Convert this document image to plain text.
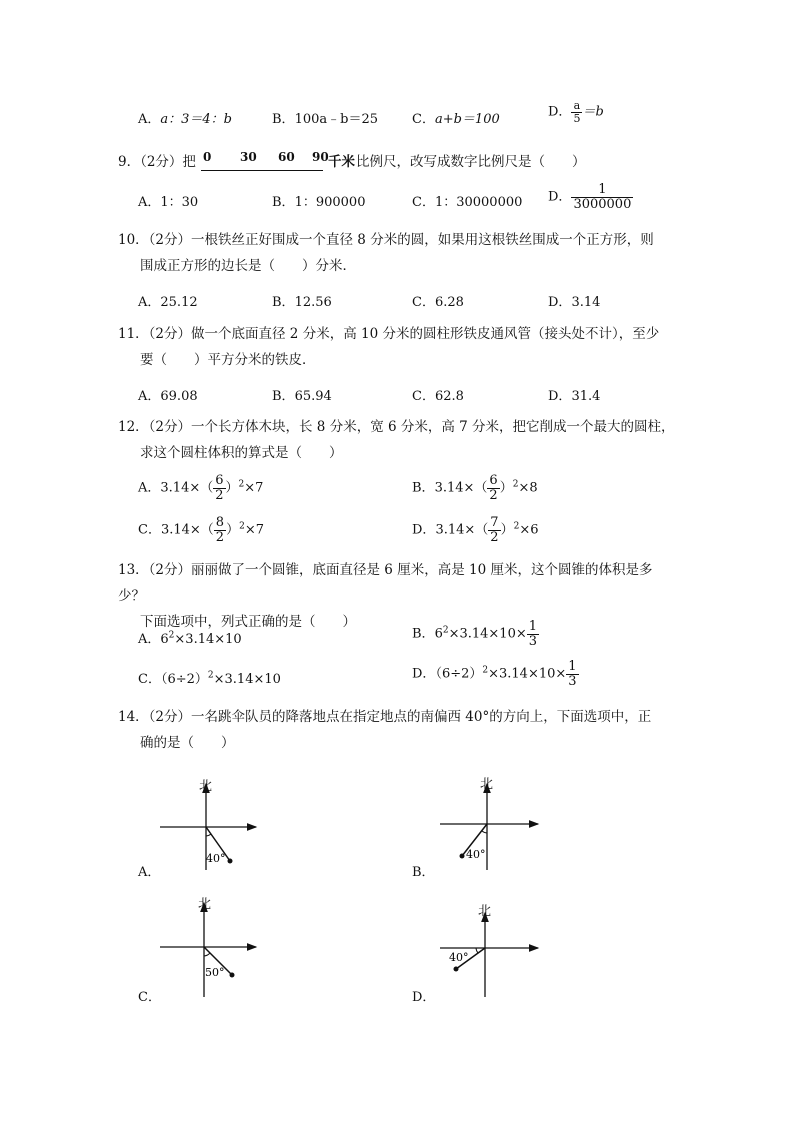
A．a：3＝4：b	B．100a﹣b＝25	C．a+b＝100	D． $\frac{a}{5} =b$
9．（2分）把 0 30 60 90 千米 比例尺，改写成数字比例尺是（　　）
A．1：30	B．1：900000	C．1：30000000 D． $\frac{1}{3000000}$
10．（2分）一根铁丝正好围成一个直径 8 分米的圆，如果用这根铁丝围成一个正方形，则
围成正方形的边长是（　　）分米．
A．25.12	B．12.56	C．6.28	D．3.14
11．（2分）做一个底面直径 2 分米，高 10 分米的圆柱形铁皮通风管（接头处不计），至少
要（　　）平方分米的铁皮．
A．69.08	B．65.94	C．62.8	D．31.4
12．（2分）一个长方体木块，长 8 分米，宽 6 分米，高 7 分米，把它削成一个最大的圆柱，
求这个圆柱体积的算式是（　　）
A．$3.14\times( \frac{6}{2} )^2\times 7$	B．$3.14\times( \frac{6}{2} )^2\times 8$
C．$3.14\times( \frac{8}{2} )^2\times 7$	D．$3.14\times( \frac{7}{2} )^2\times 6$
13．（2分）丽丽做了一个圆锥，底面直径是 6 厘米，高是 10 厘米，这个圆锥的体积是多少？
下面选项中，列式正确的是（　　）
A．$6^2\times 3.14\times 10$	B．$6^2\times 3.14\times 10\times \frac{1}{3}$
C．$(6\div 2)^2\times 3.14\times 10$	D．$(6\div 2)^2\times 3.14\times 10\times \frac{1}{3}$
14．（2分）一名跳伞队员的降落地点在指定地点的南偏西 40°的方向上，下面选项中，正
确的是（　　）
40°
北
A．
40°
北
B．
50°
北
C．
40°
北
D．
